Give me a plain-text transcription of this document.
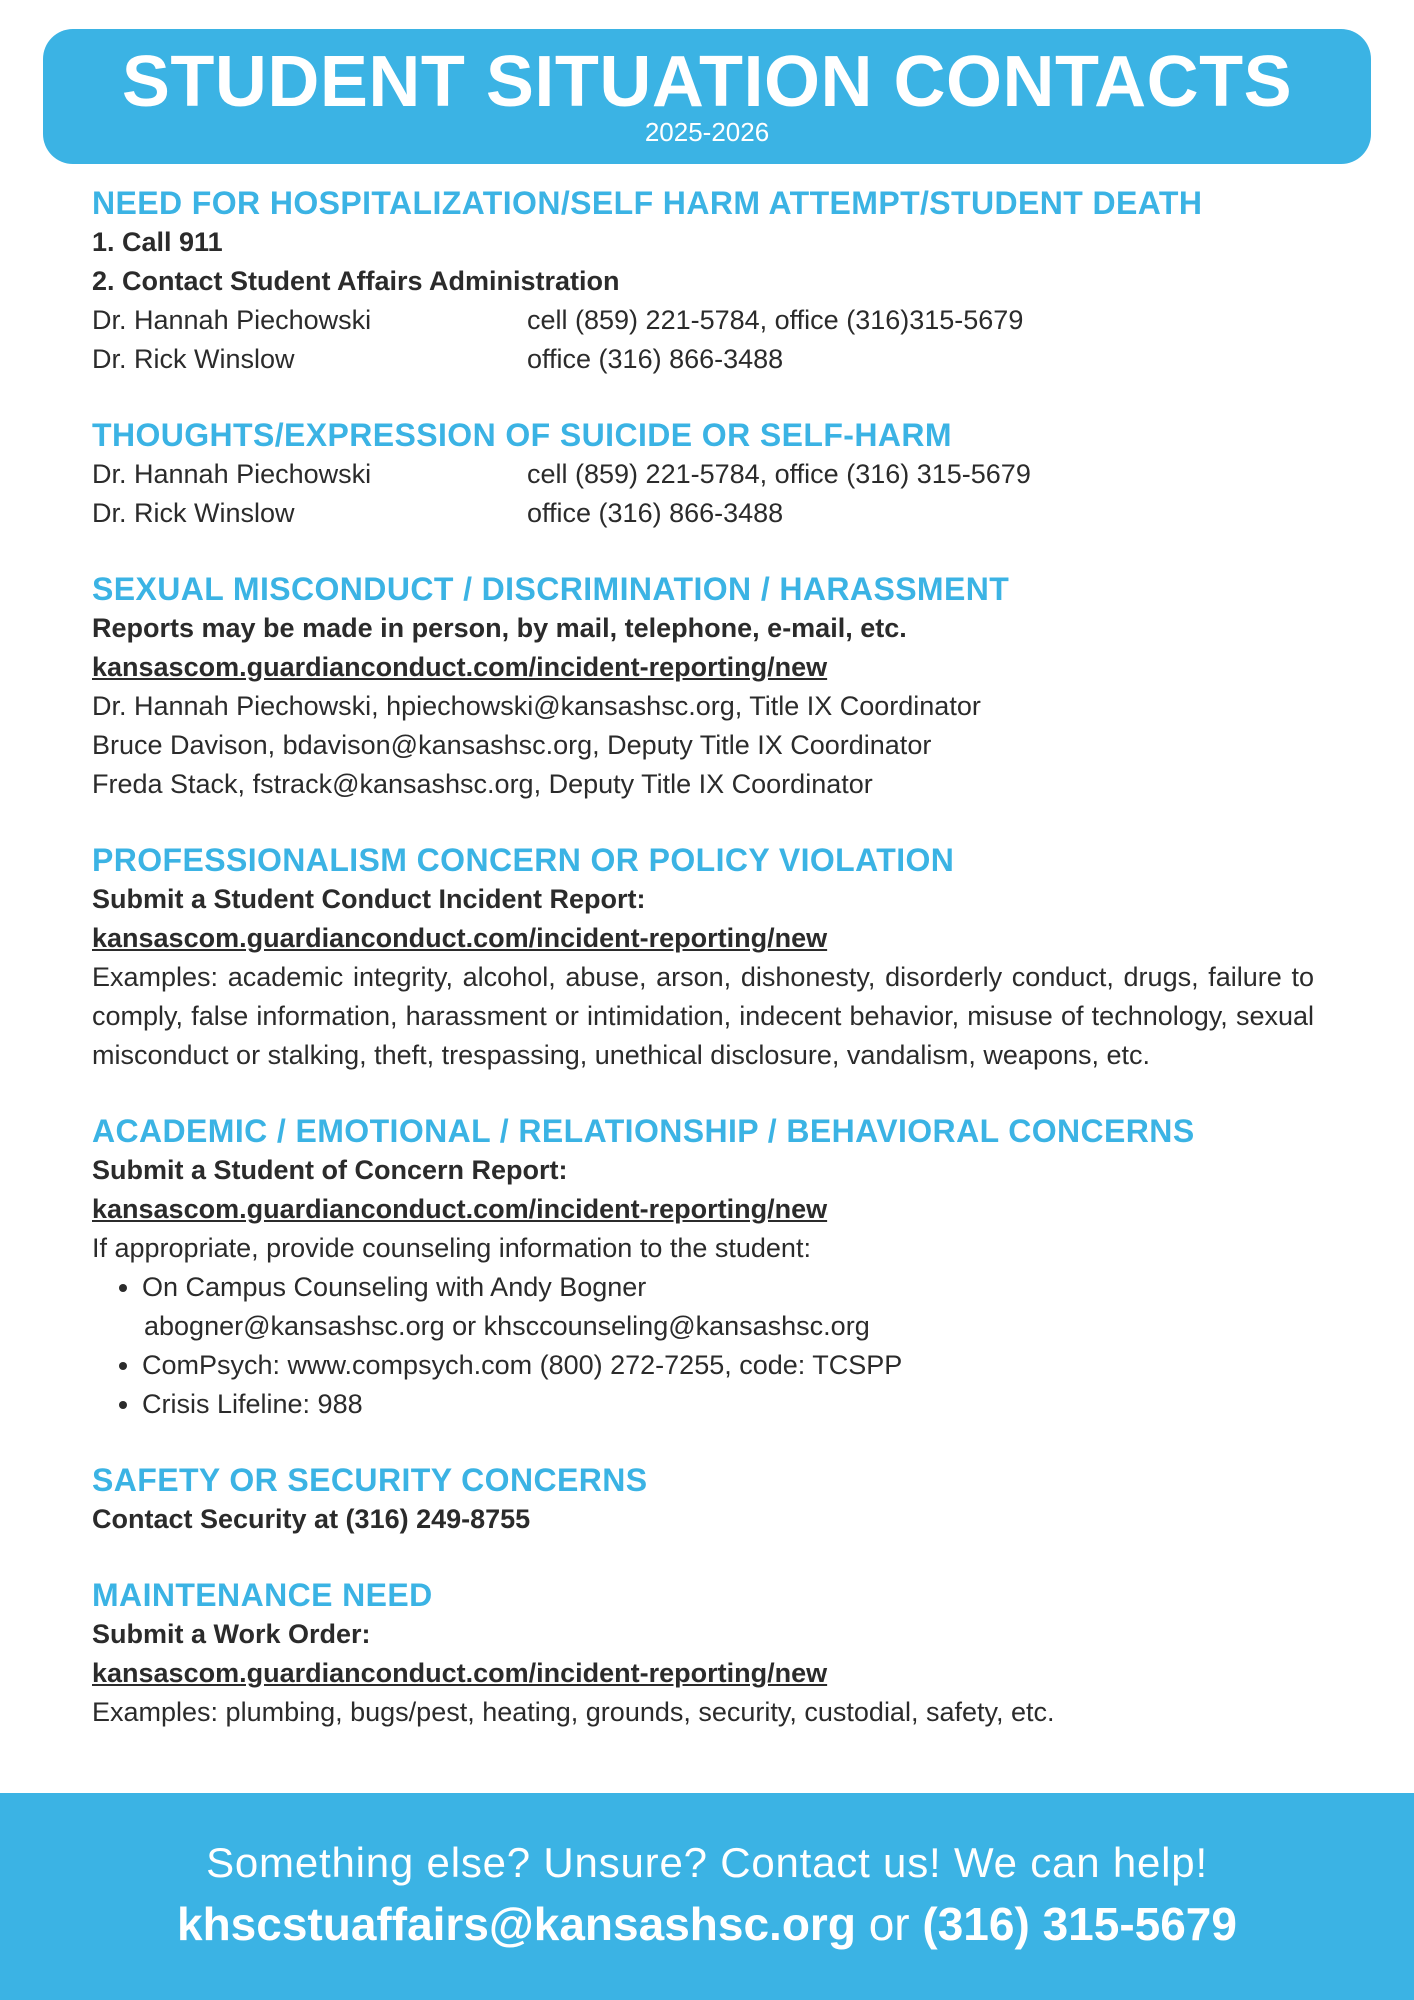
STUDENT SITUATION CONTACTS
2025-2026
NEED FOR HOSPITALIZATION/SELF HARM ATTEMPT/STUDENT DEATH
1. Call 911
2. Contact Student Affairs Administration
Dr. Hannah Piechowski	cell (859) 221-5784, office (316)315-5679
Dr. Rick Winslow	office (316) 866-3488
THOUGHTS/EXPRESSION OF SUICIDE OR SELF-HARM
Dr. Hannah Piechowski	cell (859) 221-5784, office (316) 315-5679
Dr. Rick Winslow	office (316) 866-3488
SEXUAL MISCONDUCT / DISCRIMINATION / HARASSMENT
Reports may be made in person, by mail, telephone, e-mail, etc.
kansascom.guardianconduct.com/incident-reporting/new
Dr. Hannah Piechowski, hpiechowski@kansashsc.org, Title IX Coordinator
Bruce Davison, bdavison@kansashsc.org, Deputy Title IX Coordinator
Freda Stack, fstrack@kansashsc.org, Deputy Title IX Coordinator
PROFESSIONALISM CONCERN OR POLICY VIOLATION
Submit a Student Conduct Incident Report:
kansascom.guardianconduct.com/incident-reporting/new
Examples: academic integrity, alcohol, abuse, arson, dishonesty, disorderly conduct, drugs, failure to comply, false information, harassment or intimidation, indecent behavior, misuse of technology, sexual misconduct or stalking, theft, trespassing, unethical disclosure, vandalism, weapons, etc.
ACADEMIC / EMOTIONAL / RELATIONSHIP / BEHAVIORAL CONCERNS
Submit a Student of Concern Report:
kansascom.guardianconduct.com/incident-reporting/new
If appropriate, provide counseling information to the student:
• On Campus Counseling with Andy Bogner
abogner@kansashsc.org or khsccounseling@kansashsc.org
• ComPsych: www.compsych.com (800) 272-7255, code: TCSPP
• Crisis Lifeline: 988
SAFETY OR SECURITY CONCERNS
Contact Security at (316) 249-8755
MAINTENANCE NEED
Submit a Work Order:
kansascom.guardianconduct.com/incident-reporting/new
Examples: plumbing, bugs/pest, heating, grounds, security, custodial, safety, etc.
Something else? Unsure? Contact us! We can help!
khscstuaffairs@kansashsc.org or (316) 315-5679
